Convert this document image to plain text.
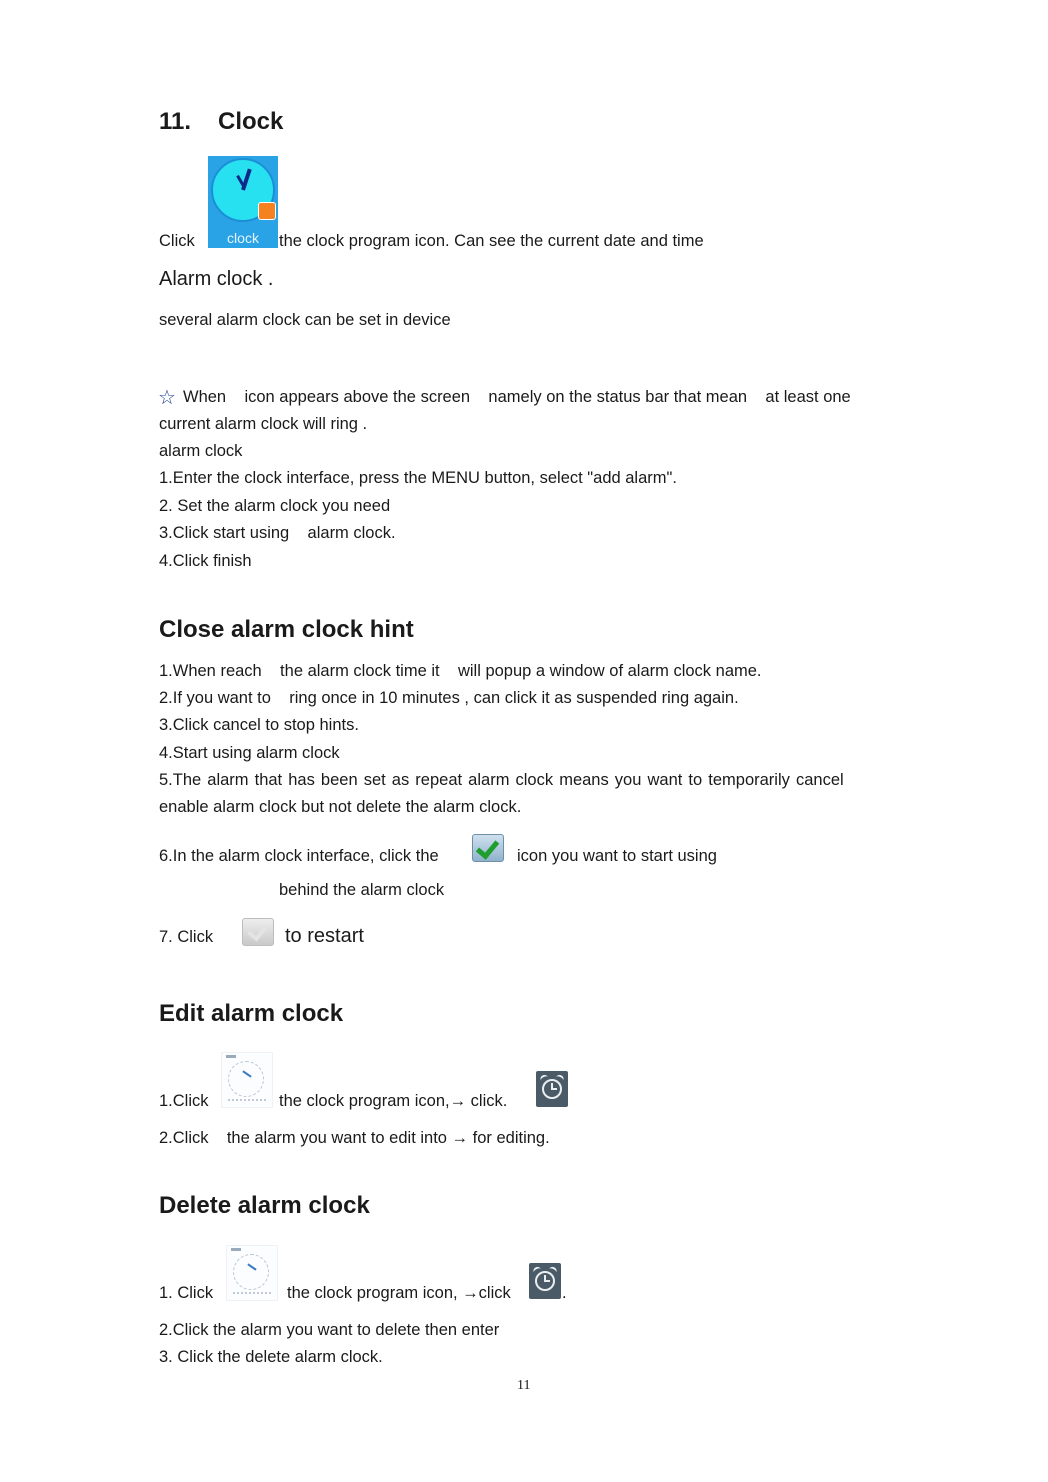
11. Clock
Click	clock	the clock program icon. Can see the current date and time
Alarm clock .
several alarm clock can be set in device
☆ When    icon appears above the screen    namely on the status bar that mean    at least one
current alarm clock will ring .
alarm clock
1.Enter the clock interface, press the MENU button, select "add alarm".
2. Set the alarm clock you need
3.Click start using    alarm clock.
4.Click finish
Close alarm clock hint
1.When reach    the alarm clock time it    will popup a window of alarm clock name.
2.If you want to    ring once in 10 minutes , can click it as suspended ring again.
3.Click cancel to stop hints.
4.Start using alarm clock
5.The alarm that has been set as repeat alarm clock means you want to temporarily cancel
enable alarm clock but not delete the alarm clock.
6.In the alarm clock interface, click the	icon you want to start using
behind the alarm clock
7. Click	to restart
Edit alarm clock
1.Click	the clock program icon,→ click.
2.Click    the alarm you want to edit into → for editing.
Delete alarm clock
1. Click	the clock program icon, →click	.
2.Click the alarm you want to delete then enter
3. Click the delete alarm clock.
11
